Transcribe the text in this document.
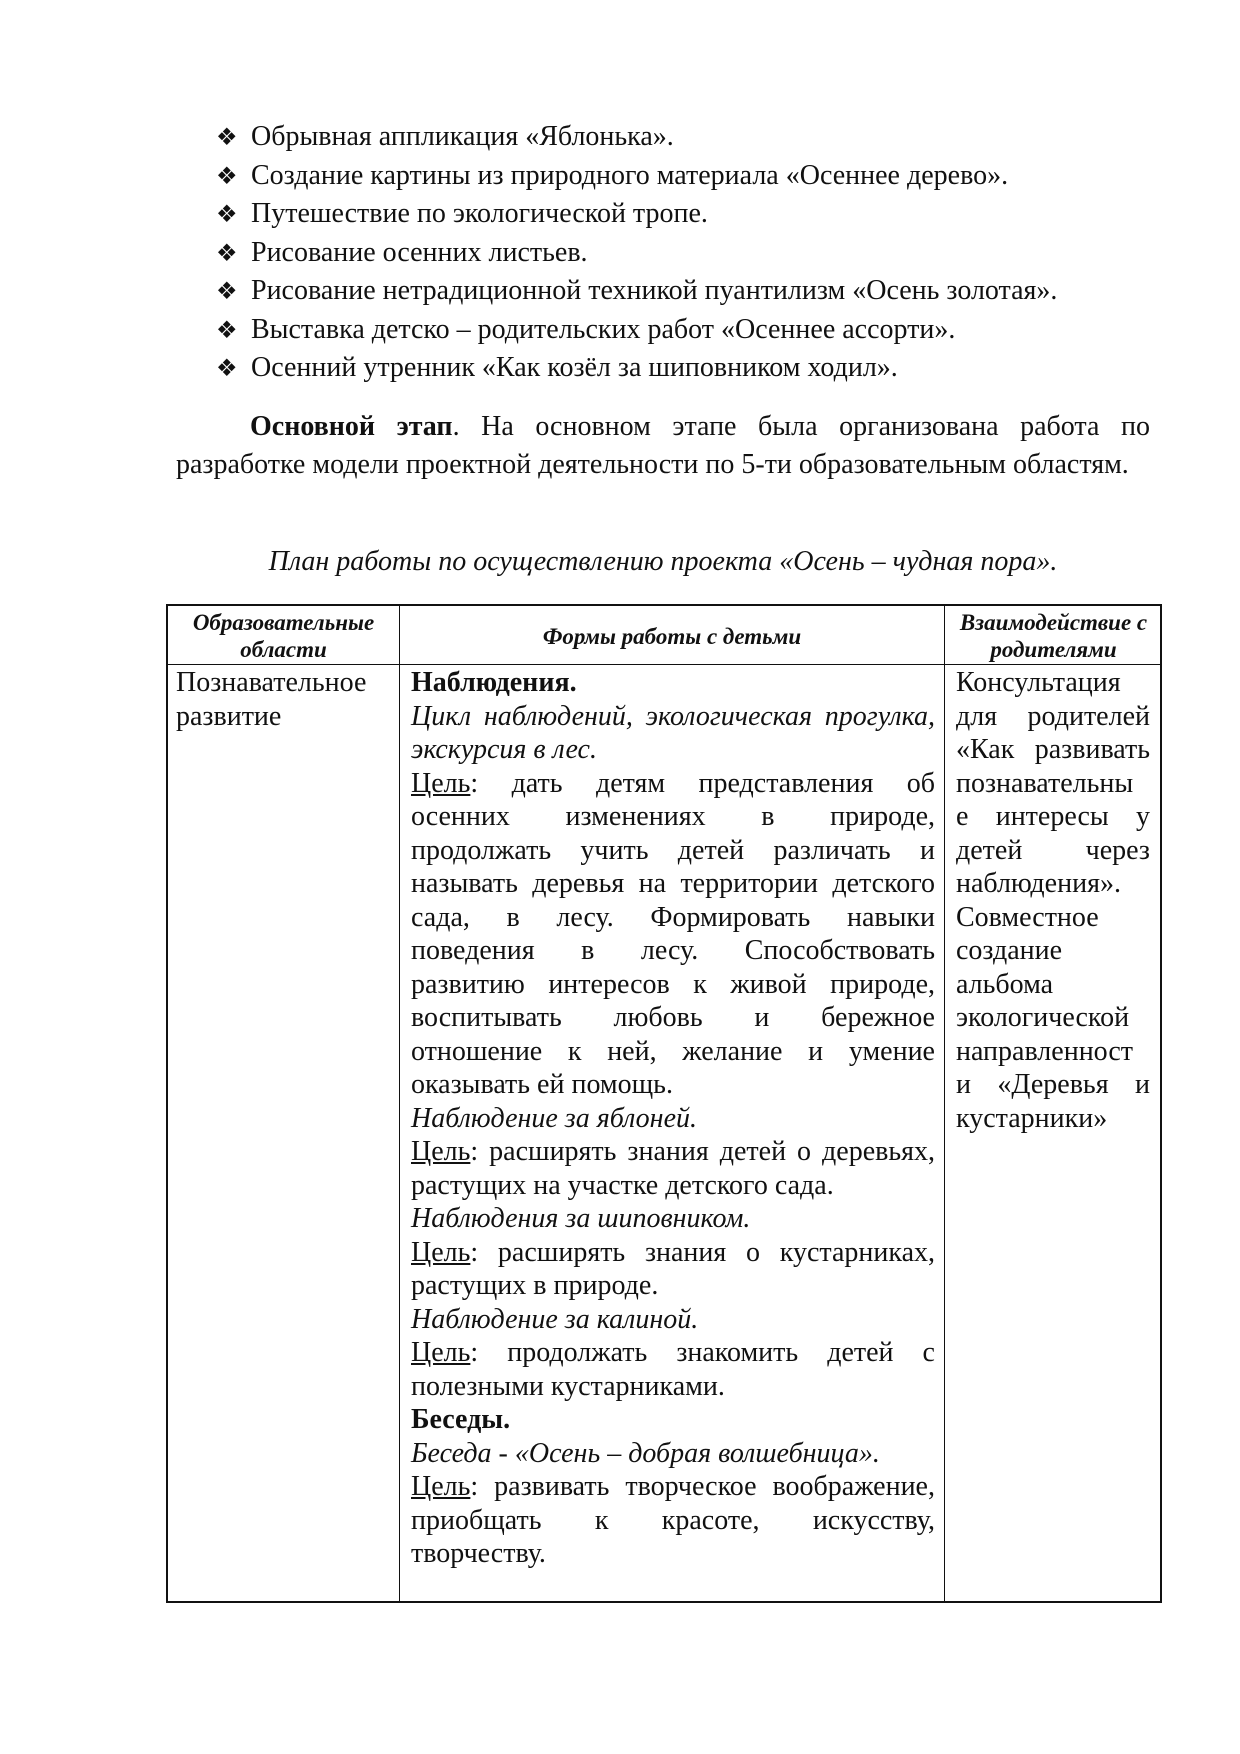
❖ Обрывная аппликация «Яблонька».
❖ Создание картины из природного материала «Осеннее дерево».
❖ Путешествие по экологической тропе.
❖ Рисование осенних листьев.
❖ Рисование нетрадиционной техникой пуантилизм «Осень золотая».
❖ Выставка детско – родительских работ «Осеннее ассорти».
❖ Осенний утренник «Как козёл за шиповником ходил».

Основной этап. На основном этапе была организована работа по разработке модели проектной деятельности по 5-ти образовательным областям.

План работы по осуществлению проекта «Осень – чудная пора».

Образовательные области
Формы работы с детьми
Взаимодействие с родителями
Познавательное развитие

Наблюдения.

Цикл наблюдений, экологическая прогулка, экскурсия в лес.

Цель: дать детям представления об осенних изменениях в природе, продолжать учить детей различать и называть деревья на территории детского сада, в лесу. Формировать навыки поведения в лесу. Способствовать развитию интересов к живой природе, воспитывать любовь и бережное отношение к ней, желание и умение оказывать ей помощь.

Наблюдение за яблоней.

Цель: расширять знания детей о деревьях, растущих на участке детского сада.

Наблюдения за шиповником.

Цель: расширять знания о кустарниках, растущих в природе.

Наблюдение за калиной.

Цель: продолжать знакомить детей с полезными кустарниками.

Беседы.

Беседа - «Осень – добрая волшебница».

Цель: развивать творческое воображение, приобщать к красоте, искусству, творчеству.

Консультация
для родителей
«Как развивать
познавательны
е интересы у
детей через
наблюдения».
Совместное
создание
альбома
экологической
направленност
и «Деревья и
кустарники»
